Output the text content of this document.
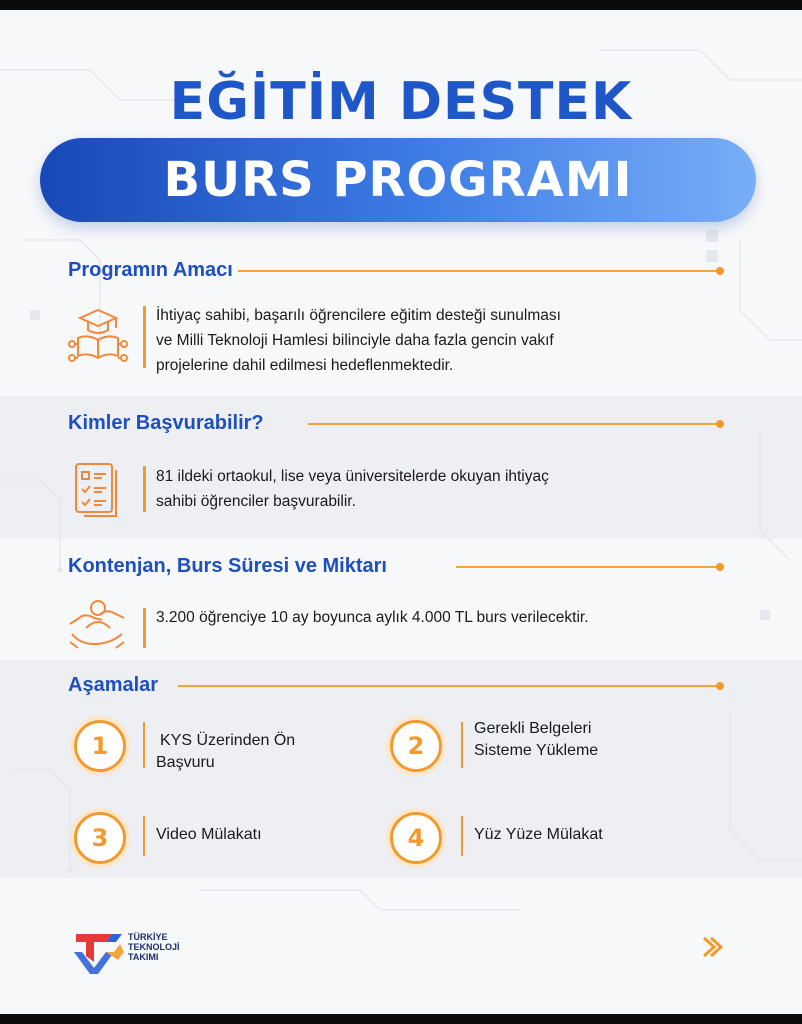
EĞİTİM DESTEK
BURS PROGRAMI
Programın Amacı
İhtiyaç sahibi, başarılı öğrencilere eğitim desteği sunulması
ve Milli Teknoloji Hamlesi bilinciyle daha fazla gencin vakıf
projelerine dahil edilmesi hedeflenmektedir.
Kimler Başvurabilir?
81 ildeki ortaokul, lise veya üniversitelerde okuyan ihtiyaç
sahibi öğrenciler başvurabilir.
Kontenjan, Burs Süresi ve Miktarı
3.200 öğrenciye 10 ay boyunca aylık 4.000 TL burs verilecektir.
Aşamalar
1	KYS Üzerinden Ön
Başvuru
2
Gerekli Belgeleri
Sisteme Yükleme
3	Video Mülakatı	4	Yüz Yüze Mülakat
TÜRKİYE
TEKNOLOJİ
TAKIMI
